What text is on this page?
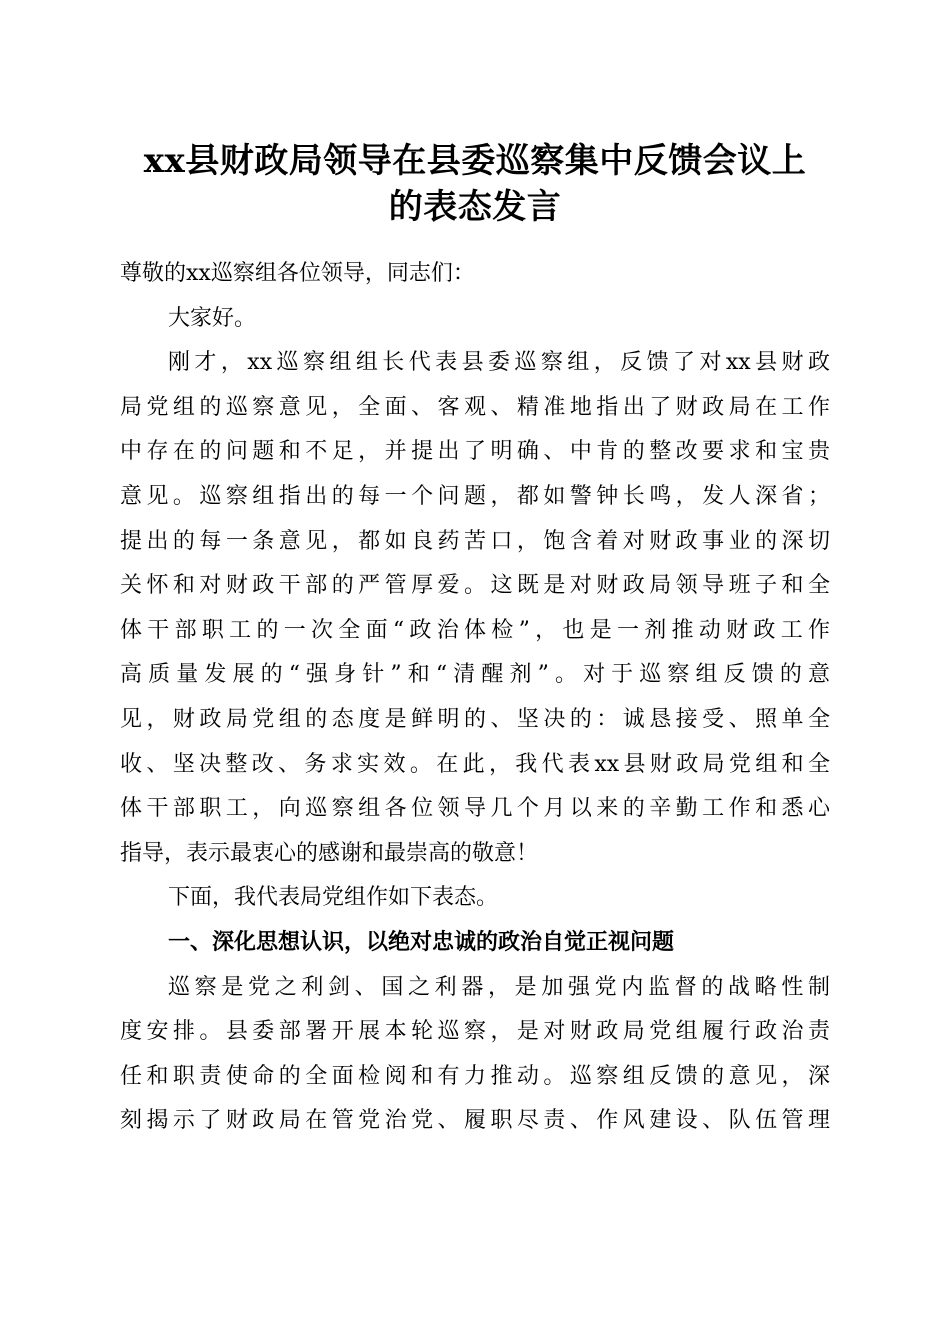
xx县财政局领导在县委巡察集中反馈会议上
的表态发言
尊敬的xx巡察组各位领导，同志们：
大家好。
刚才，xx巡察组组长代表县委巡察组，反馈了对xx县财政
局党组的巡察意见，全面、客观、精准地指出了财政局在工作
中存在的问题和不足，并提出了明确、中肯的整改要求和宝贵
意见。巡察组指出的每一个问题，都如警钟长鸣，发人深省；
提出的每一条意见，都如良药苦口，饱含着对财政事业的深切
关怀和对财政干部的严管厚爱。这既是对财政局领导班子和全
体干部职工的一次全面“政治体检”，也是一剂推动财政工作
高质量发展的“强身针”和“清醒剂”。对于巡察组反馈的意
见，财政局党组的态度是鲜明的、坚决的：诚恳接受、照单全
收、坚决整改、务求实效。在此，我代表xx县财政局党组和全
体干部职工，向巡察组各位领导几个月以来的辛勤工作和悉心
指导，表示最衷心的感谢和最崇高的敬意！
下面，我代表局党组作如下表态。
一、深化思想认识，以绝对忠诚的政治自觉正视问题
巡察是党之利剑、国之利器，是加强党内监督的战略性制
度安排。县委部署开展本轮巡察，是对财政局党组履行政治责
任和职责使命的全面检阅和有力推动。巡察组反馈的意见，深
刻揭示了财政局在管党治党、履职尽责、作风建设、队伍管理
